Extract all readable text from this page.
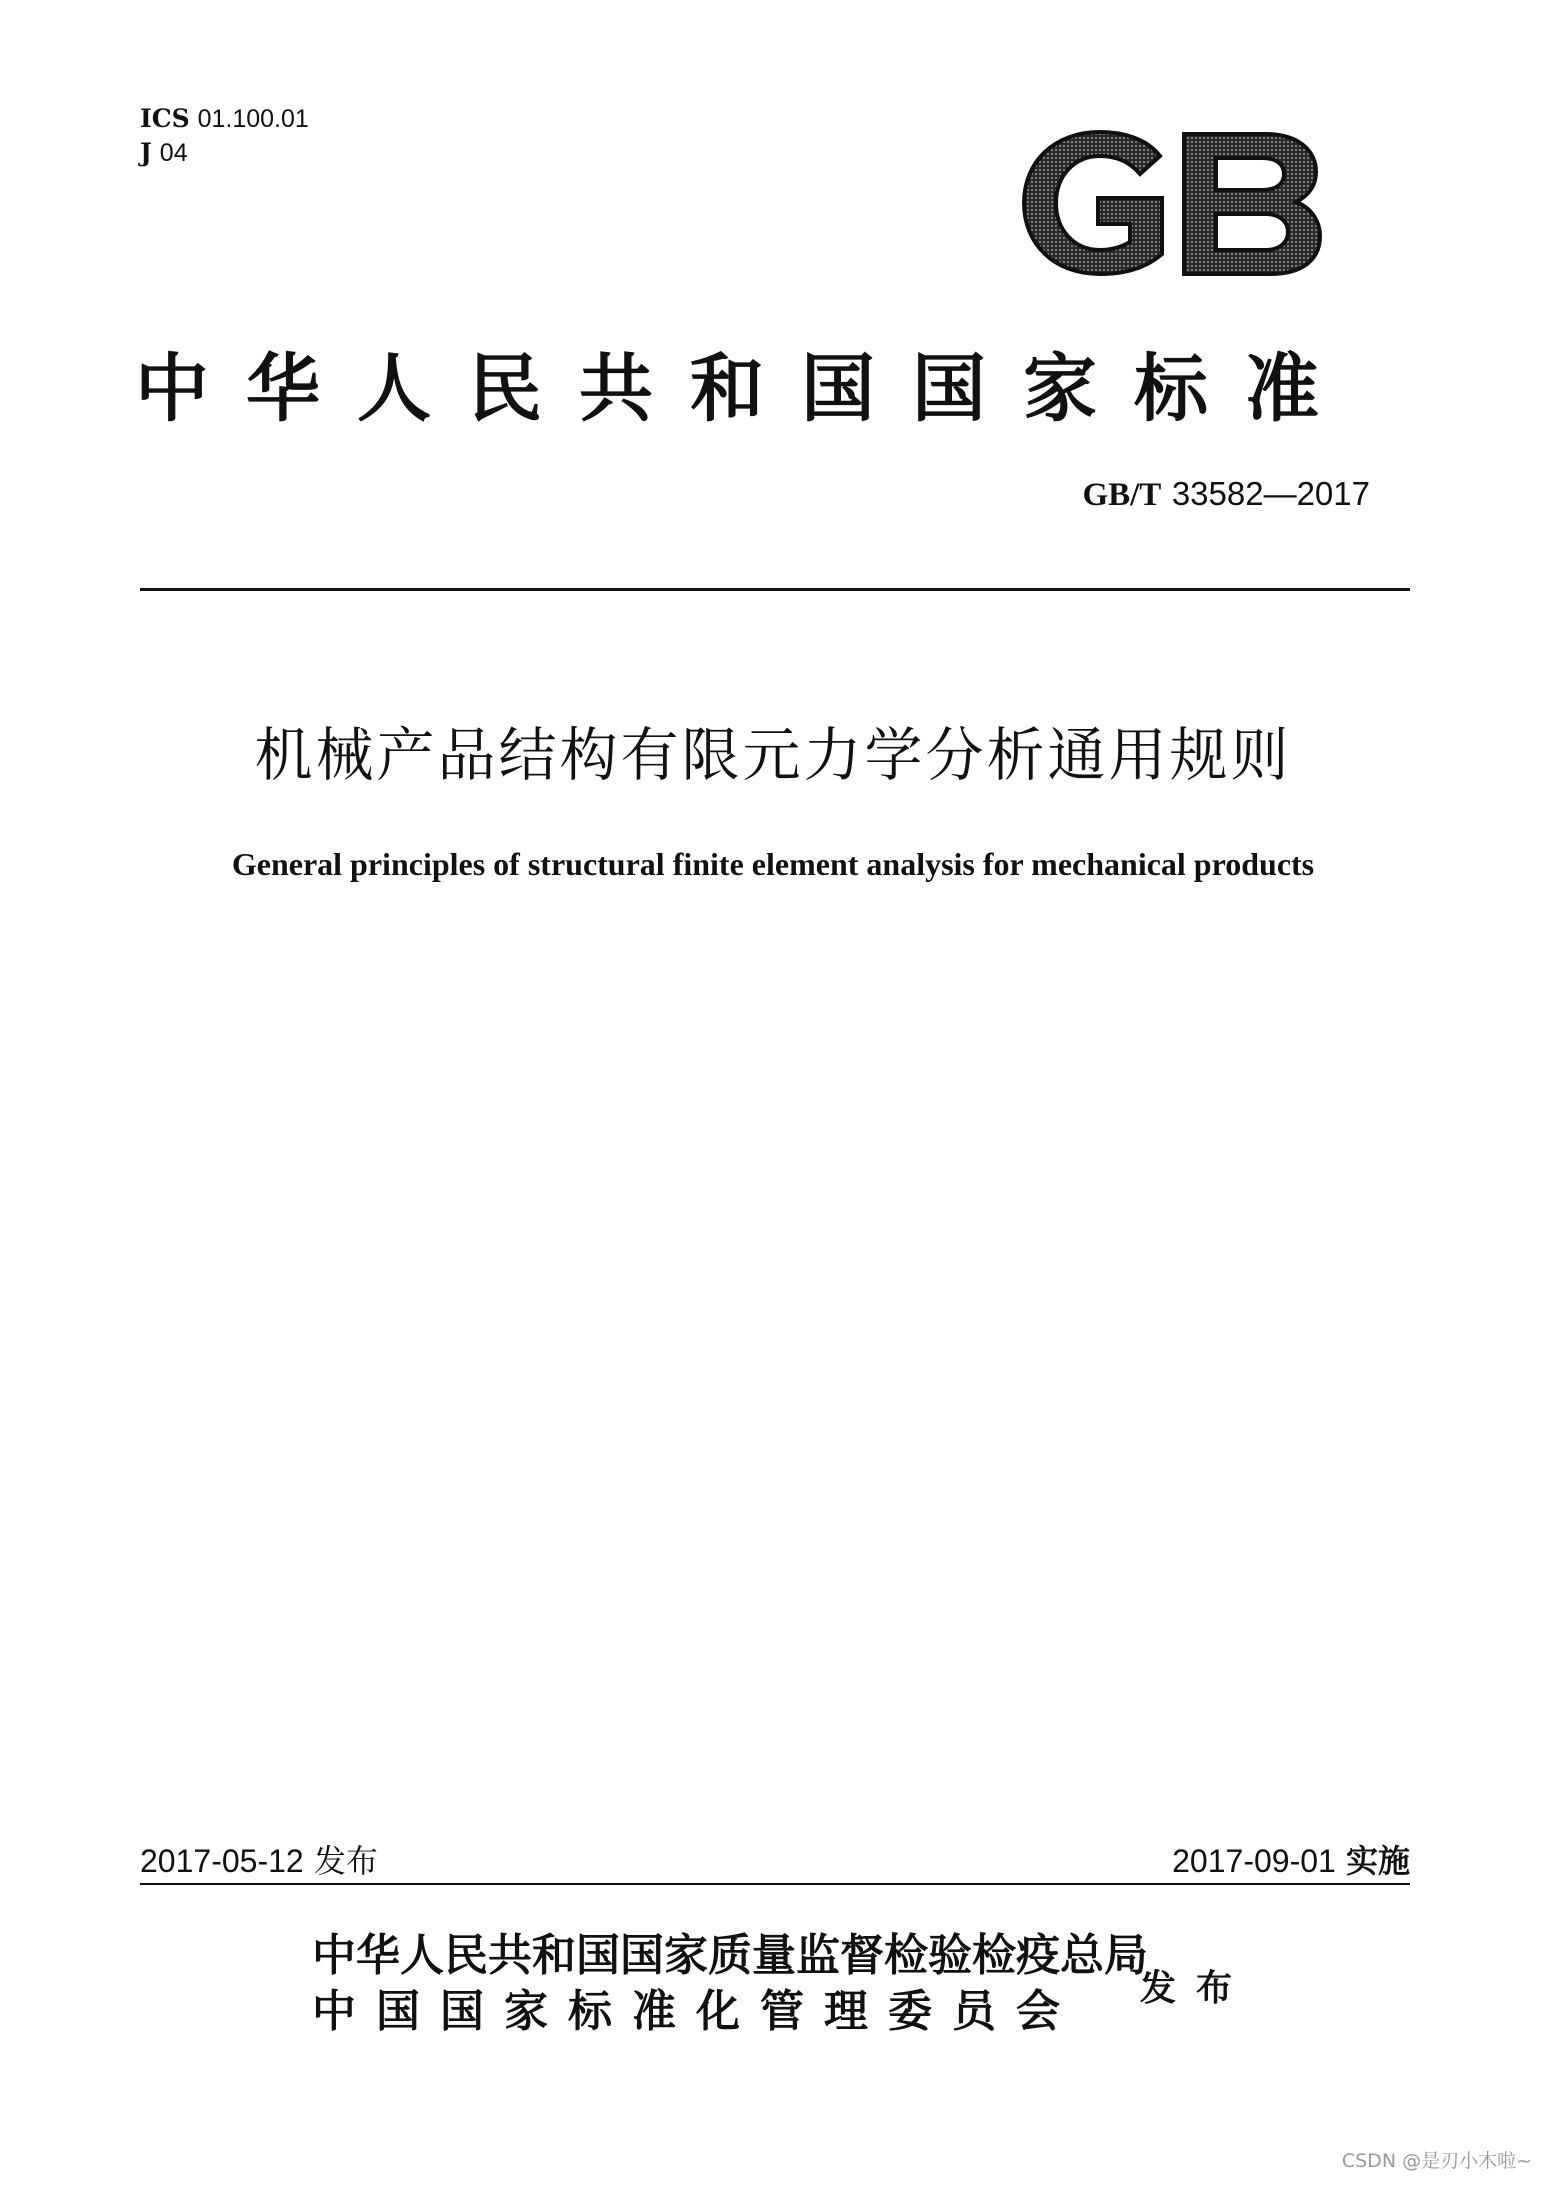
ICS 01.100.01
J 04
中华人民共和国国家标准
GB/T 33582—2017
机械产品结构有限元力学分析通用规则
General principles of structural finite element analysis for mechanical products
2017-05-12 发布	2017-09-01 实施
中华人民共和国国家质量监督检验检疫总局
中国国家标准化管理委员会	发布
CSDN @是刃小木啦~
